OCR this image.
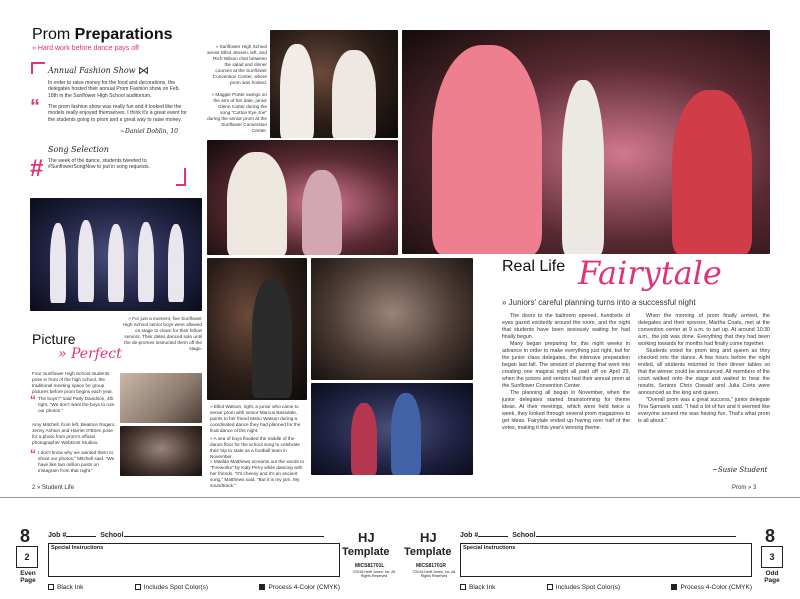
Prom Preparations
» Hard work before dance pays off
Annual Fashion Show ⋈
In order to raise money for the food and decorations, the delegates hosted their annual Prom Fashion show on Feb. 18th in the Sunflower High School auditorium.
“ The prom fashion show was really fun and it looked like the models really enjoyed themselves. I think it's a great event for the students going to prom and a great way to raise money.
~Daniel Doblin, 10
#
Song Selection
The week of the dance, students tweeted to #SunflowerSongNow to put in song requests.
» Sunflower High School senior Elliot Jensen, left, and Rich Wilson chat between the salad and dinner courses at the Sunflower Convention Center, where prom was hosted.
» Maggie Porter swings on the arm of her date, junior Glenn Carter during the song "Cotton Eye Joe" during the senior prom at the Sunflower Convention Center.
» For just a moment, five Sunflower High School senior boys were allowed on stage to clown for their fellow seniors. Their dates danced solo until the de-promes instructed them off the stage.
Picture
» Perfect
Four Sunflower High School students pose in front of the high school, the traditional meeting space for group pictures before prom begins each year.
“ The boys?" said Patty Davidson, 4th right. "We don't want the boys to ruin our photos."
Amy Mitchell, from left, Beatrice Rogers, Jenny Ashton and Harriet O'Brien pose for a photo from prom's official photographer WebDost Studios.
“ I don't know why we wanted them to shoot our photos," Mitchell said. "We have like two million posts on Instagram from that night."
» Elliot Watson, right, a junior who came to senior prom with senior Marcus Bassdale, points to her friend Mario Watson during a coordinated dance they had planned for the final dance of the night.
» A sea of boys flooded the middle of the dance floor for the school song to celebrate their trip to state as a football team in November.
» Matilda Matthews screams out the words to "Fireworks" by Katy Perry while dancing with her friends. "It's cheesy and it's an ancient song," Matthews said. "But it is my jam. My soundtrack."
2 » Student Life
Real Life Fairytale
» Juniors' careful planning turns into a successful night

The doors to the ballroom opened, hundreds of eyes gazed excitedly around the room, and the night that students have been anxiously waiting for had finally begun.

Many began preparing for this night weeks in advance in order to make everything just right, but for the junior class delegates, the intensive preparation began last fall. The amount of planning that went into creating one magical night all paid off on April 29, when the juniors and seniors had their annual prom at the Sunflower Convention Center.

The planning all began in November, when the junior delegates started brainstorming for theme ideas. At their meetings, which were held twice a week, they looked through several prom magazines to get ideas. Fairytale ended up having over half of the votes, making it this year's winning theme.

When the morning of prom finally arrived, the delegates and their sponsor, Martha Coats, met at the convention center at 9 a.m. to set up. At around 10:30 a.m., the job was done. Everything that they had been working towards for months had finally come together.

Students voted for prom king and queen as they checked into the dance. A few hours before the night ended, all students returned to their dinner tables so that the winner could be announced. All members of the court walked onto the stage and waited to hear the results. Seniors Chris Oswald and Julia Crets were announced as the king and queen.

"Overall prom was a great success," junior delegate Tina Samuels said. "I had a lot of fun and it seemed like everyone around me was having fun. That's what prom is all about."

~Susie Student
Prom » 3
8
2
Even Page
Job #	School
Special Instructions
Black Ink	Includes Spot Color(s)	Process 4-Color (CMYK)
HJ
Template
MICS81701L
©2018 Herff Jones, Inc. All Rights Reserved
HJ
Template
MICS81701R
©2018 Herff Jones, Inc. All Rights Reserved
Job #	School
Special Instructions
Black Ink	Includes Spot Color(s)	Process 4-Color (CMYK)
8
3
Odd Page
